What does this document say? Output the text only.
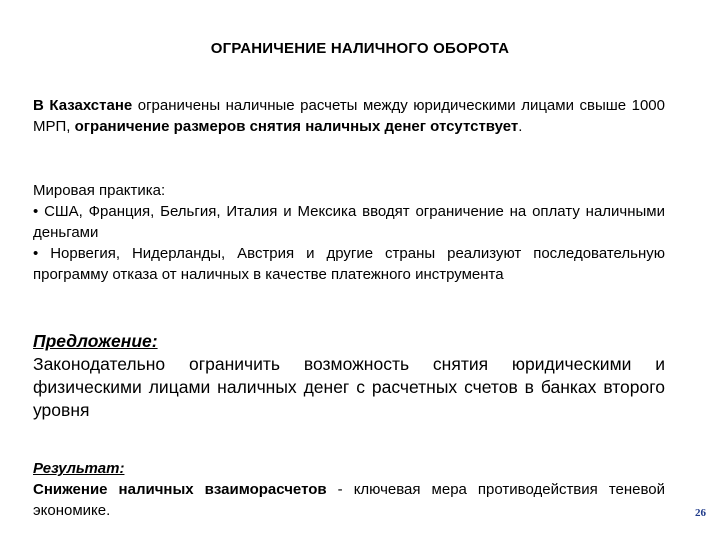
ОГРАНИЧЕНИЕ НАЛИЧНОГО ОБОРОТА
В Казахстане ограничены наличные расчеты между юридическими лицами свыше 1000 МРП, ограничение размеров снятия наличных денег отсутствует.
Мировая практика:
• США, Франция, Бельгия, Италия и Мексика вводят ограничение на оплату наличными деньгами
• Норвегия, Нидерланды, Австрия и другие страны реализуют последовательную программу отказа от наличных в качестве платежного инструмента
Предложение:
Законодательно ограничить возможность снятия юридическими и физическими лицами наличных денег с расчетных счетов в банках второго уровня
Результат:
Снижение наличных взаиморасчетов - ключевая мера противодействия теневой экономике.	26
